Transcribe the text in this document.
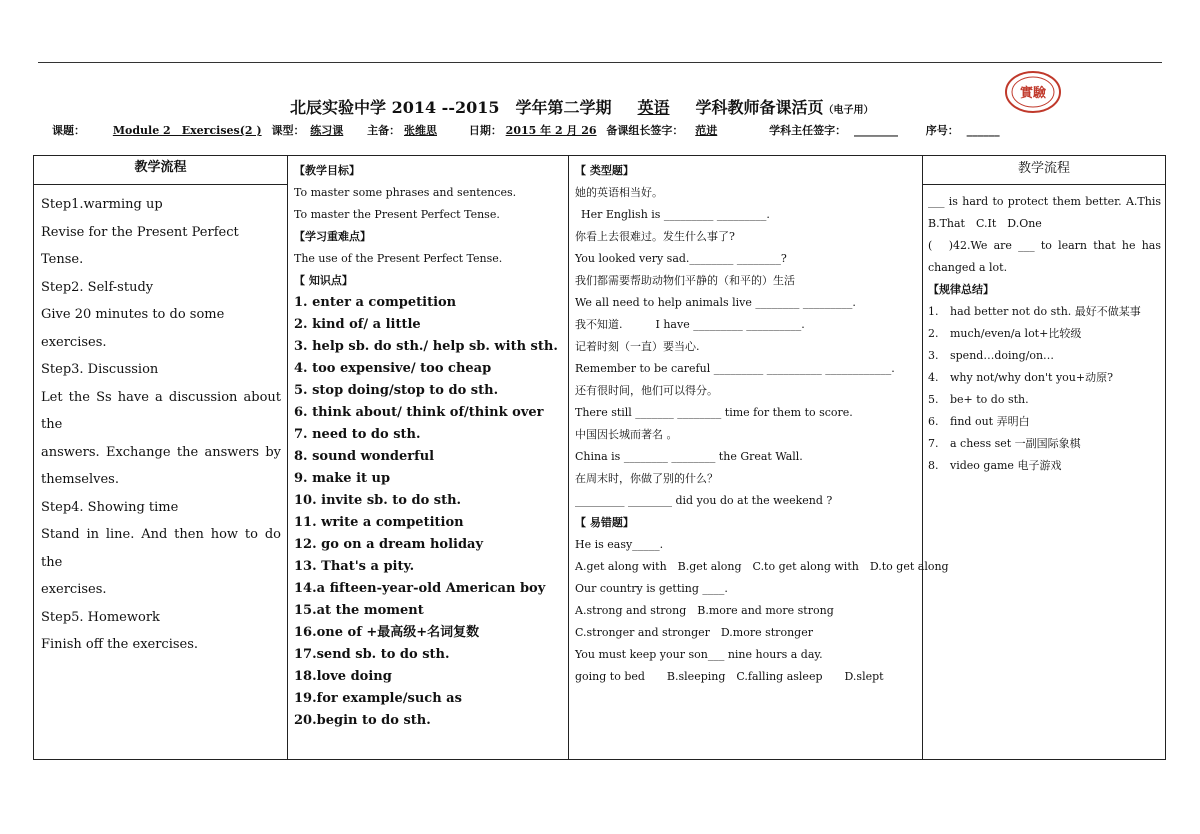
實驗
北辰实验中学 2014 --2015　学年第二学期 英语 学科教师备课活页（电子用）
课题：	Module 2　Exercises(2 ) 课型： 练习课 主备： 张维思	日期： 2015 年 2 月 26 备课组长签字： 范进	学科主任签字： ________	序号： ______
教学流程
Step1.warming up
Revise for the Present Perfect Tense.
Step2. Self-study
Give 20 minutes to do some exercises.
Step3. Discussion
Let the Ss have a discussion about the
answers. Exchange the answers by
themselves.
Step4. Showing time
Stand in line. And then how to do the
exercises.
Step5. Homework
Finish off the exercises.
【教学目标】
To master some phrases and sentences.
To master the Present Perfect Tense.
【学习重难点】
The use of the Present Perfect Tense.
【 知识点】
1. enter a competition
2. kind of/ a little
3. help sb. do sth./ help sb. with sth.
4. too expensive/ too cheap
5. stop doing/stop to do sth.
6. think about/ think of/think over
7. need to do sth.
8. sound wonderful
9. make it up
10. invite sb. to do sth.
11. write a competition
12. go on a dream holiday
13. That's a pity.
14.a fifteen-year-old American boy
15.at the moment
16.one of +最高级+名词复数
17.send sb. to do sth.
18.love doing
19.for example/such as
20.begin to do sth.
【 类型题】
她的英语相当好。
Her English is _________ _________.
你看上去很难过。发生什么事了?
You looked very sad.________ ________?
我们都需要帮助动物们平静的（和平的）生活
We all need to help animals live ________ _________.
我不知道.　　　I have _________ __________.
记着时刻（一直）要当心.
Remember to be careful _________ __________ ____________.
还有很时间，他们可以得分。
There still _______ ________ time for them to score.
中国因长城而著名 。
China is ________ ________ the Great Wall.
在周末时，你做了别的什么？
_________ ________ did you do at the weekend ?
【 易错题】
He is easy_____.
A.get along with　B.get along　C.to get along with　D.to get along
Our country is getting ____.
A.strong and strong　B.more and more strong
C.stronger and stronger　D.more stronger
You must keep your son___ nine hours a day.
going to bed　　B.sleeping　C.falling asleep　　D.slept
教学流程
___ is hard to protect them better. A.This
B.That　C.It　D.One
(　)42.We are ___ to learn that he has
changed a lot.
【规律总结】
1. had better not do sth. 最好不做某事
2. much/even/a lot+比较级
3. spend…doing/on…
4. why not/why don't you+动原?
5. be+ to do sth.
6. find out 弄明白
7. a chess set 一副国际象棋
8. video game 电子游戏
